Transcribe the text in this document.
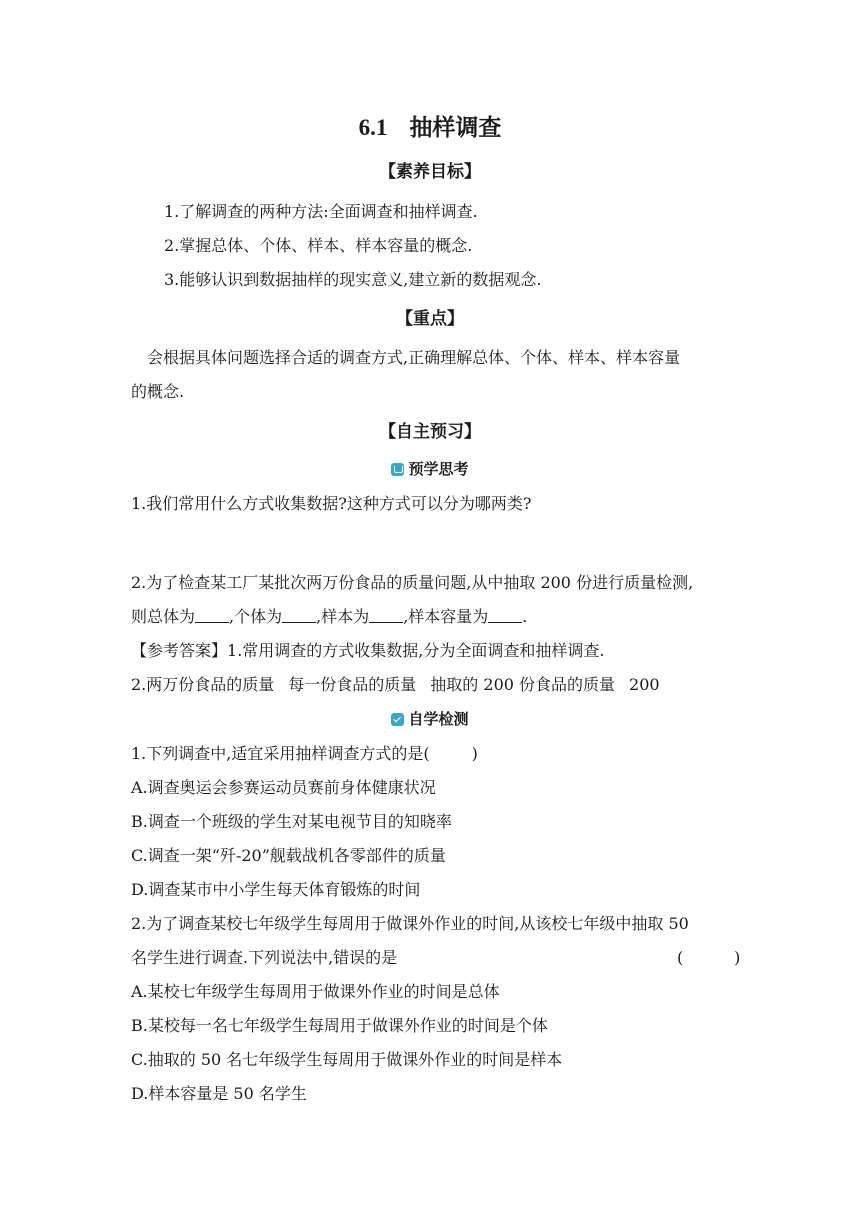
6.1 抽样调查
【素养目标】
1.了解调查的两种方法:全面调查和抽样调查.
2.掌握总体、个体、样本、样本容量的概念.
3.能够认识到数据抽样的现实意义,建立新的数据观念.
【重点】
会根据具体问题选择合适的调查方式,正确理解总体、个体、样本、样本容量
的概念.
【自主预习】
预学思考
1.我们常用什么方式收集数据?这种方式可以分为哪两类?
2.为了检查某工厂某批次两万份食品的质量问题,从中抽取 200 份进行质量检测,
则总体为 ,个体为 ,样本为 ,样本容量为 .
【参考答案】1.常用调查的方式收集数据,分为全面调查和抽样调查.
2.两万份食品的质量 每一份食品的质量 抽取的 200 份食品的质量 200
自学检测
1.下列调查中,适宜采用抽样调查方式的是(	)
A.调查奥运会参赛运动员赛前身体健康状况
B.调查一个班级的学生对某电视节目的知晓率
C.调查一架“歼-20”舰载战机各零部件的质量
D.调查某市中小学生每天体育锻炼的时间
2.为了调查某校七年级学生每周用于做课外作业的时间,从该校七年级中抽取 50
名学生进行调查.下列说法中,错误的是	(          )
A.某校七年级学生每周用于做课外作业的时间是总体
B.某校每一名七年级学生每周用于做课外作业的时间是个体
C.抽取的 50 名七年级学生每周用于做课外作业的时间是样本
D.样本容量是 50 名学生
